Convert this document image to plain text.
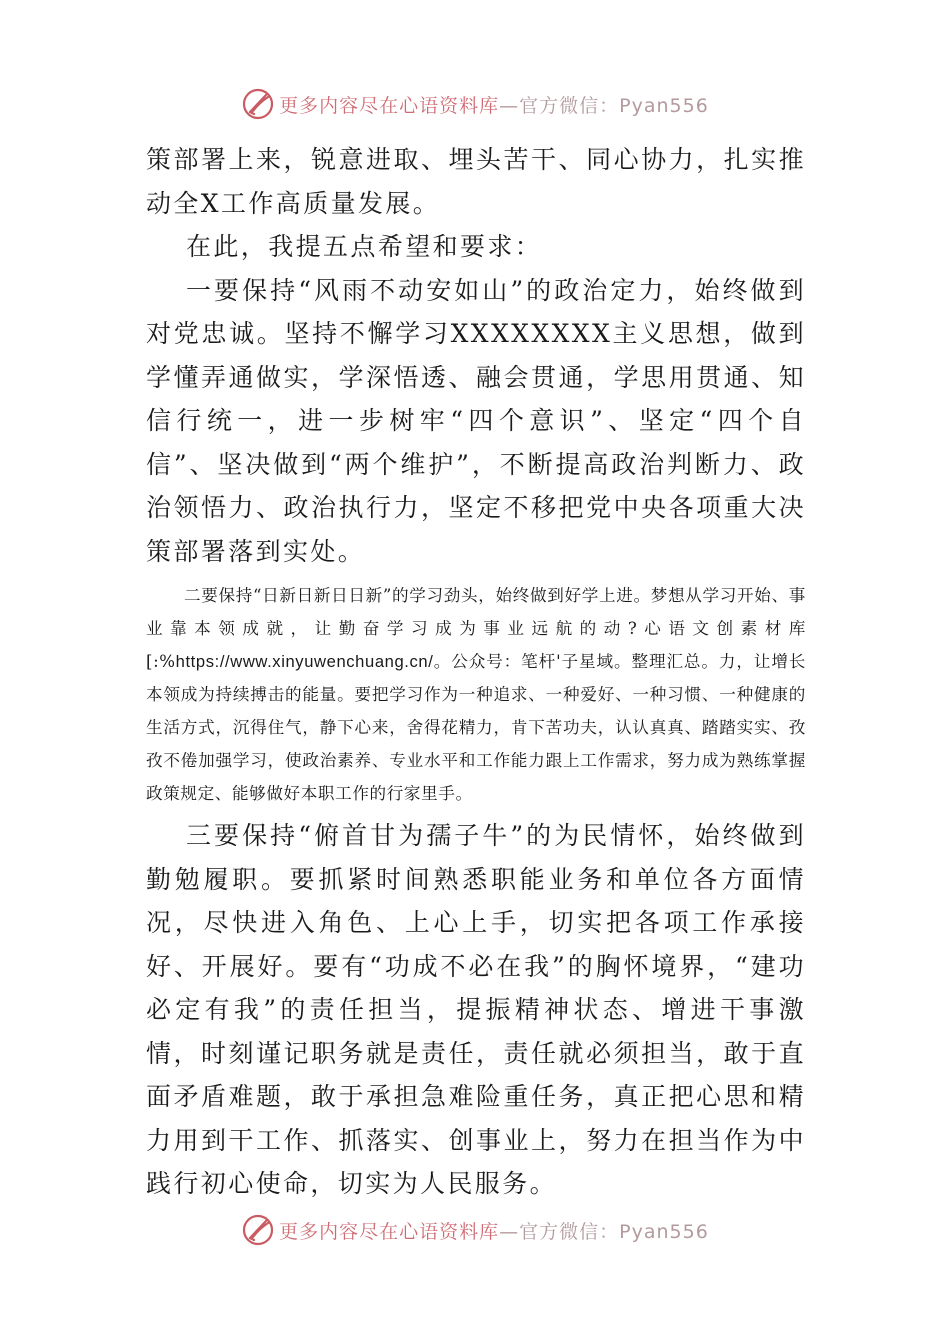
更多内容尽在心语资料库—官方微信：Pyan556

策部署上来，锐意进取、埋头苦干、同心协力，扎实推动全X工作高质量发展。

在此，我提五点希望和要求：

一要保持“风雨不动安如山”的政治定力，始终做到对党忠诚。坚持不懈学习XXXXXXXX主义思想，做到学懂弄通做实，学深悟透、融会贯通，学思用贯通、知信行统一，进一步树牢“四个意识”、坚定“四个自信”、坚决做到“两个维护”，不断提高政治判断力、政治领悟力、政治执行力，坚定不移把党中央各项重大决策部署落到实处。

二要保持“日新日新日日新”的学习劲头，始终做到好学上进。梦想从学习开始、事业靠本领成就，让勤奋学习成为事业远航的动?心语文创素材库[:%https://www.xinyuwenchuang.cn/。公众号：笔杆'子星域。整理汇总。力，让增长本领成为持续搏击的能量。要把学习作为一种追求、一种爱好、一种习惯、一种健康的生活方式，沉得住气，静下心来，舍得花精力，肯下苦功夫，认认真真、踏踏实实、孜孜不倦加强学习，使政治素养、专业水平和工作能力跟上工作需求，努力成为熟练掌握政策规定、能够做好本职工作的行家里手。

三要保持“俯首甘为孺子牛”的为民情怀，始终做到勤勉履职。要抓紧时间熟悉职能业务和单位各方面情况，尽快进入角色、上心上手，切实把各项工作承接好、开展好。要有“功成不必在我”的胸怀境界，“建功必定有我”的责任担当，提振精神状态、增进干事激情，时刻谨记职务就是责任，责任就必须担当，敢于直面矛盾难题，敢于承担急难险重任务，真正把心思和精力用到干工作、抓落实、创事业上，努力在担当作为中践行初心使命，切实为人民服务。

更多内容尽在心语资料库—官方微信：Pyan556
